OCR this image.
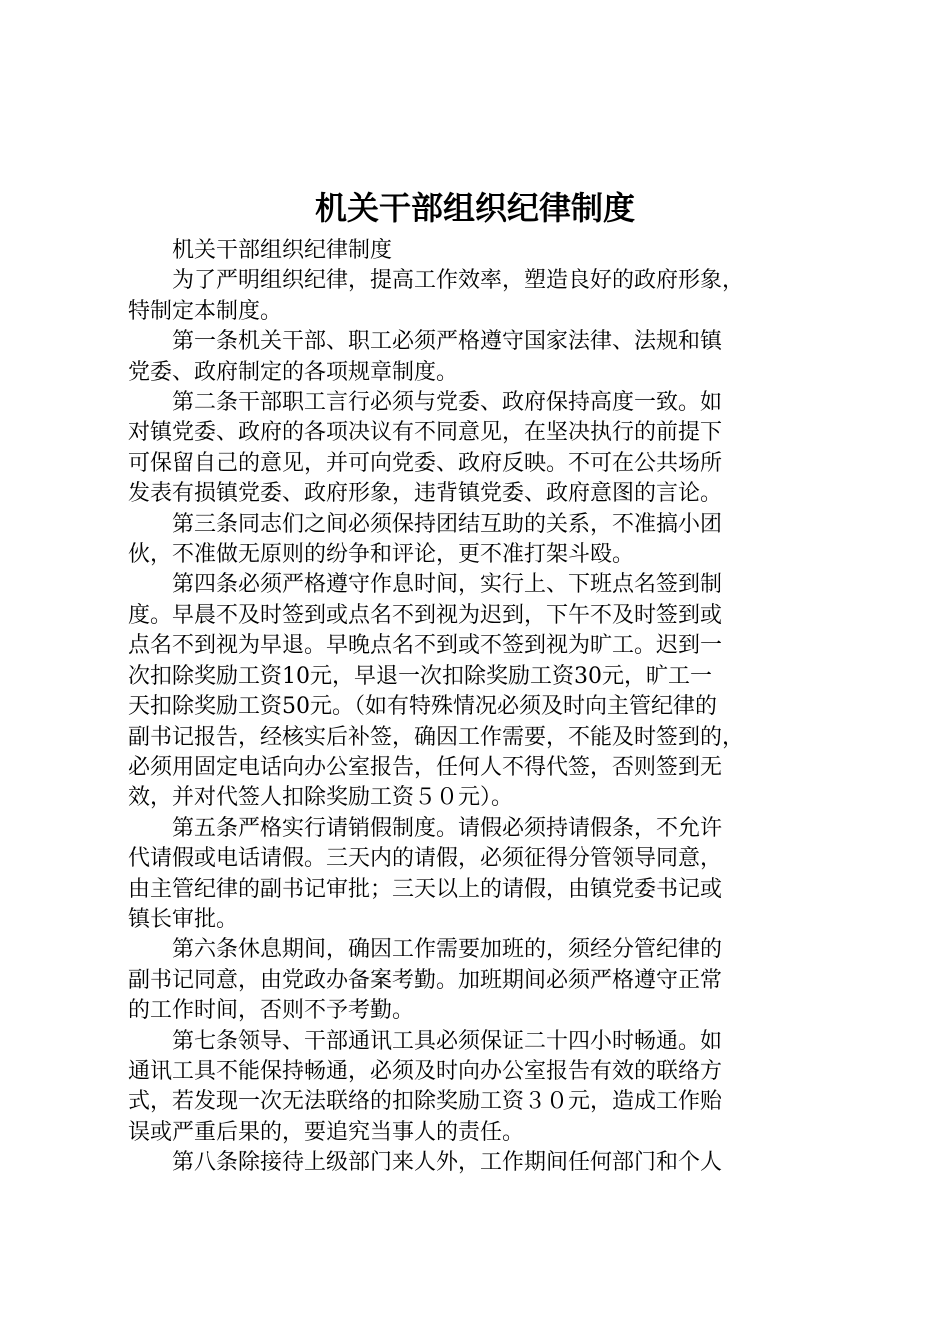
机关干部组织纪律制度

机关干部组织纪律制度

为了严明组织纪律，提高工作效率，塑造良好的政府形象，
特制定本制度。

第一条机关干部、职工必须严格遵守国家法律、法规和镇
党委、政府制定的各项规章制度。

第二条干部职工言行必须与党委、政府保持高度一致。如
对镇党委、政府的各项决议有不同意见，在坚决执行的前提下
可保留自己的意见，并可向党委、政府反映。不可在公共场所
发表有损镇党委、政府形象，违背镇党委、政府意图的言论。

第三条同志们之间必须保持团结互助的关系，不准搞小团
伙，不准做无原则的纷争和评论，更不准打架斗殴。

第四条必须严格遵守作息时间，实行上、下班点名签到制
度。早晨不及时签到或点名不到视为迟到，下午不及时签到或
点名不到视为早退。早晚点名不到或不签到视为旷工。迟到一
次扣除奖励工资10元，早退一次扣除奖励工资30元，旷工一
天扣除奖励工资50元。（如有特殊情况必须及时向主管纪律的
副书记报告，经核实后补签，确因工作需要，不能及时签到的，
必须用固定电话向办公室报告，任何人不得代签，否则签到无
效，并对代签人扣除奖励工资５０元）。

第五条严格实行请销假制度。请假必须持请假条，不允许
代请假或电话请假。三天内的请假，必须征得分管领导同意，
由主管纪律的副书记审批；三天以上的请假，由镇党委书记或
镇长审批。

第六条休息期间，确因工作需要加班的，须经分管纪律的
副书记同意，由党政办备案考勤。加班期间必须严格遵守正常
的工作时间，否则不予考勤。

第七条领导、干部通讯工具必须保证二十四小时畅通。如
通讯工具不能保持畅通，必须及时向办公室报告有效的联络方
式，若发现一次无法联络的扣除奖励工资３０元，造成工作贻
误或严重后果的，要追究当事人的责任。

第八条除接待上级部门来人外，工作期间任何部门和个人
